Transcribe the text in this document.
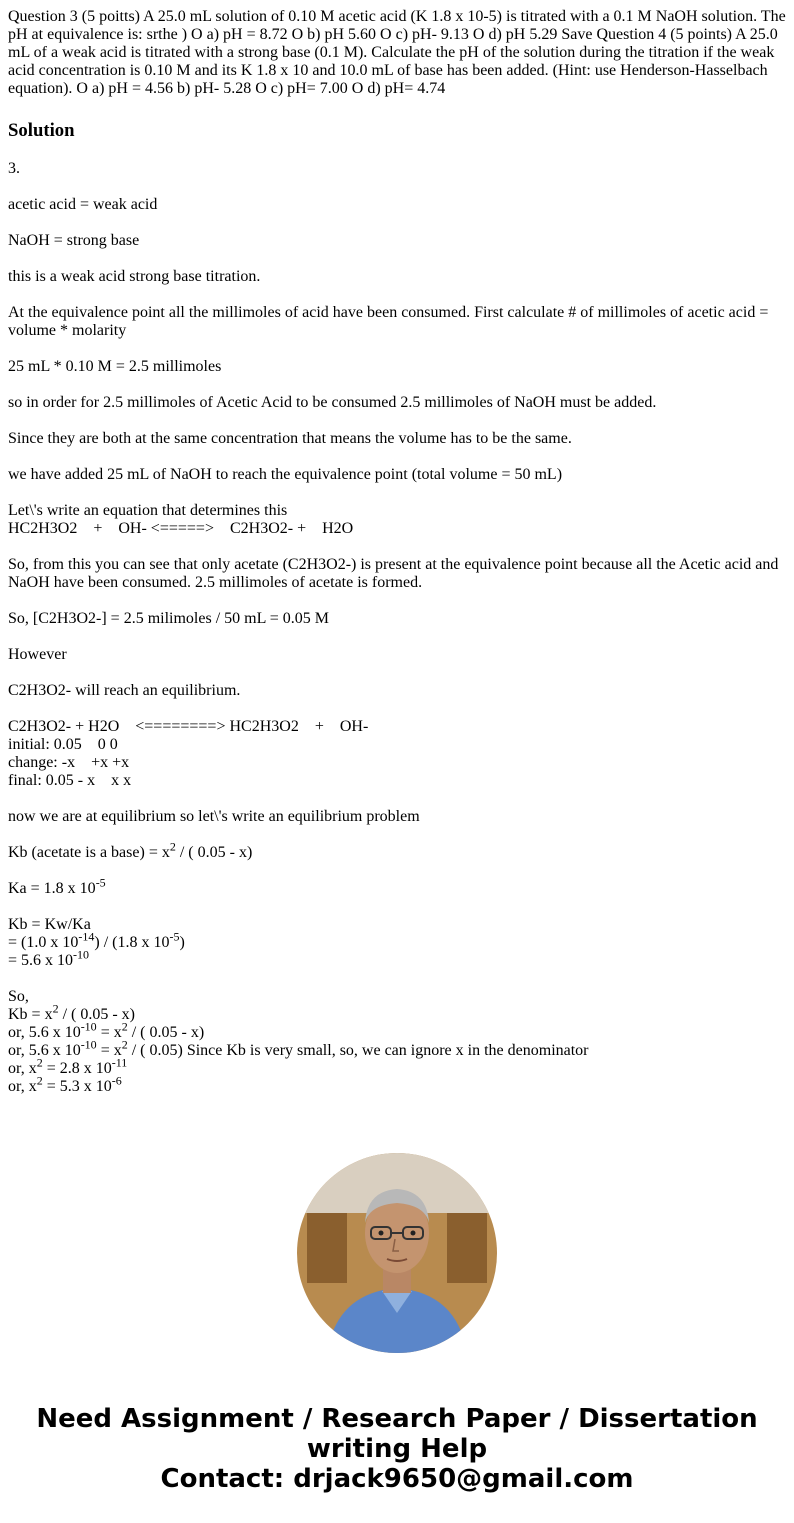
Question 3 (5 poitts) A 25.0 mL solution of 0.10 M acetic acid (K 1.8 x 10-5) is titrated with a 0.1 M NaOH solution. The pH at equivalence is: srthe ) O a) pH = 8.72 O b) pH 5.60 O c) pH- 9.13 O d) pH 5.29 Save Question 4 (5 points) A 25.0 mL of a weak acid is titrated with a strong base (0.1 M). Calculate the pH of the solution during the titration if the weak acid concentration is 0.10 M and its K 1.8 x 10 and 10.0 mL of base has been added. (Hint: use Henderson-Hasselbach equation). O a) pH = 4.56 b) pH- 5.28 O c) pH= 7.00 O d) pH= 4.74

Solution

3.

acetic acid = weak acid

NaOH = strong base

this is a weak acid strong base titration.

At the equivalence point all the millimoles of acid have been consumed. First calculate # of millimoles of acetic acid = volume * molarity

25 mL * 0.10 M = 2.5 millimoles

so in order for 2.5 millimoles of Acetic Acid to be consumed 2.5 millimoles of NaOH must be added.

Since they are both at the same concentration that means the volume has to be the same.

we have added 25 mL of NaOH to reach the equivalence point (total volume = 50 mL)

Let\'s write an equation that determines this
HC2H3O2    +    OH- <=====>    C2H3O2- +    H2O

So, from this you can see that only acetate (C2H3O2-) is present at the equivalence point because all the Acetic acid and NaOH have been consumed. 2.5 millimoles of acetate is formed.

So, [C2H3O2-] = 2.5 milimoles / 50 mL = 0.05 M

However

C2H3O2- will reach an equilibrium.

C2H3O2- + H2O    <========> HC2H3O2    +    OH-
initial: 0.05    0 0
change: -x    +x +x
final: 0.05 - x    x x

now we are at equilibrium so let\'s write an equilibrium problem

Kb (acetate is a base) = $x^2$ / ( 0.05 - x)

Ka = 1.8 x $10^{-5}$

Kb = Kw/Ka
= (1.0 x $10^{-14}) / (1.8$ x $10^{-5}$)
= 5.6 x $10^{-10}$

So,
$Kb = x^2$ / ( 0.05 - x)
or, 5.6 x $10^{-10} = x^2$ / ( 0.05 - x)
or, 5.6 x $10^{-10} = x^2$ / ( 0.05) Since Kb is very small, so, we can ignore x in the denominator
or, $x^2 = 2.8$ x $10^{-11}$
or, $x^2 = 5.3$ x $10^{-6}$

Need Assignment / Research Paper / Dissertation
writing Help
Contact: drjack9650@gmail.com
